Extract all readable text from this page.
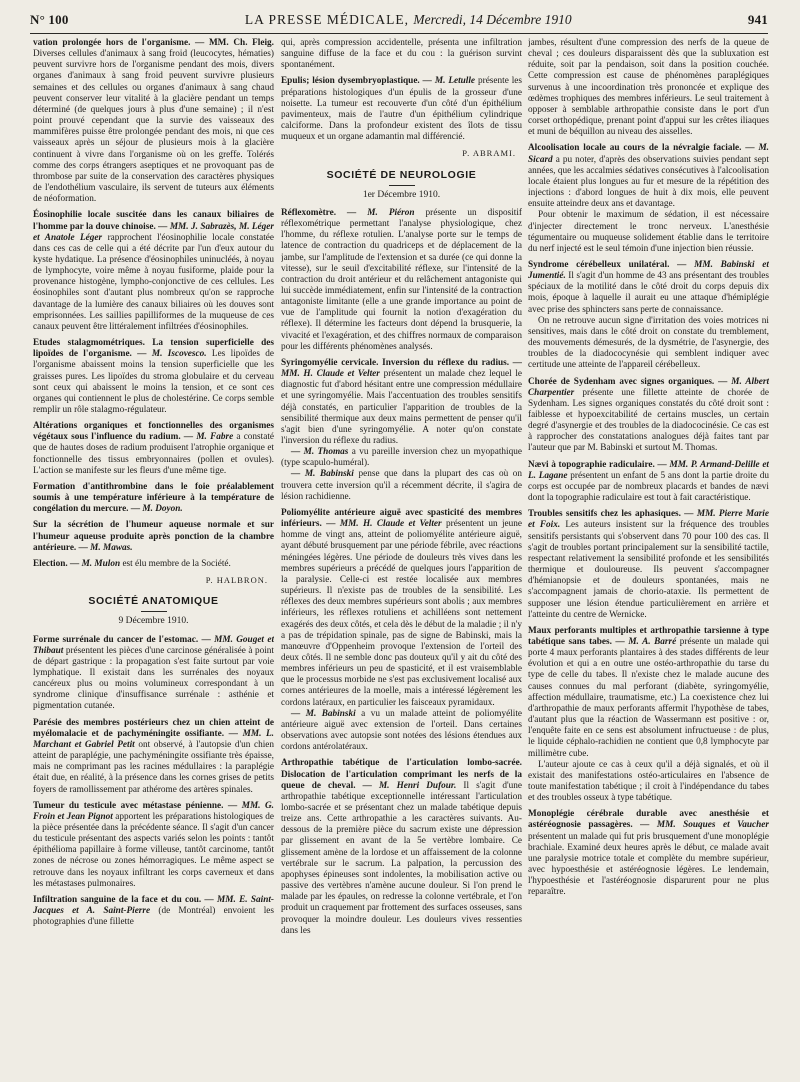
N° 100	LA PRESSE MÉDICALE, Mercredi, 14 Décembre 1910	941

vation prolongée hors de l'organisme. — MM. Ch. Fleig. Diverses cellules d'animaux à sang froid (leucocytes, hématies) peuvent survivre hors de l'organisme pendant des mois, divers organes d'animaux à sang froid peuvent survivre plusieurs semaines et des cellules ou organes d'animaux à sang chaud peuvent conserver leur vitalité à la glacière pendant un temps déterminé (de quelques jours à plus d'une semaine) ; il n'est point prouvé cependant que la survie des vaisseaux des mammifères puisse être prolongée pendant des mois, ni que ces vaisseaux après un séjour de plusieurs mois à la glacière continuent à vivre dans l'organisme où on les greffe. Tolérés comme des corps étrangers aseptiques et ne provoquant pas de thrombose par suite de la conservation des caractères physiques de l'endothélium vasculaire, ils servent de tuteurs aux éléments de néoformation.

Éosinophilie locale suscitée dans les canaux biliaires de l'homme par la douve chinoise. — MM. J. Sabrazès, M. Léger et Anatole Léger rapprochent l'éosinophilie locale constatée dans ces cas de celle qui a été décrite par l'un d'eux autour du kyste hydatique. La présence d'éosinophiles uninucléés, à noyau de lymphocyte, voire même à noyau fusiforme, plaide pour la provenance histogène, lympho-conjonctive de ces cellules. Les éosinophiles sont d'autant plus nombreux qu'on se rapproche davantage de la lumière des canaux biliaires où les douves sont emprisonnées. Les saillies papilliformes de la muqueuse de ces canaux peuvent être littéralement infiltrées d'éosinophiles.

Etudes stalagmométriques. La tension superficielle des lipoïdes de l'organisme. — M. Iscovesco. Les lipoïdes de l'organisme abaissent moins la tension superficielle que les graisses pures. Les lipoïdes du stroma globulaire et du cerveau sont ceux qui abaissent le moins la tension, et ce sont ces organes qui contiennent le plus de cholestérine. Ce corps semble remplir un rôle stalagmo-régulateur.

Altérations organiques et fonctionnelles des organismes végétaux sous l'influence du radium. — M. Fabre a constaté que de hautes doses de radium produisent l'atrophie organique et fonctionnelle des tissus embryonnaires (pollen et ovules). L'action se manifeste sur les fleurs d'une même tige.

Formation d'antithrombine dans le foie préalablement soumis à une température inférieure à la température de congélation du mercure. — M. Doyon.

Sur la sécrétion de l'humeur aqueuse normale et sur l'humeur aqueuse produite après ponction de la chambre antérieure. — M. Mawas.

Election. — M. Mulon est élu membre de la Société.

P. HALBRON.
SOCIÉTÉ ANATOMIQUE
9 Décembre 1910.

Forme surrénale du cancer de l'estomac. — MM. Gouget et Thibaut présentent les pièces d'une carcinose généralisée à point de départ gastrique : la propagation s'est faite surtout par voie lymphatique. Il existait dans les surrénales des noyaux cancéreux plus ou moins volumineux correspondant à un syndrome clinique d'insuffisance surrénale : asthénie et pigmentation cutanée.

Parésie des membres postérieurs chez un chien atteint de myélomalacie et de pachyméningite ossifiante. — MM. L. Marchant et Gabriel Petit ont observé, à l'autopsie d'un chien atteint de paraplégie, une pachyméningite ossifiante très épaisse, mais ne comprimant pas les racines médullaires : la paraplégie était due, en réalité, à la présence dans les cornes grises de petits foyers de ramollissement par athérome des artères spinales.

Tumeur du testicule avec métastase pénienne. — MM. G. Froin et Jean Pignot apportent les préparations histologiques de la pièce présentée dans la précédente séance. Il s'agit d'un cancer du testicule présentant des aspects variés selon les points : tantôt épithélioma papillaire à forme villeuse, tantôt carcinome, tantôt zones de nécrose ou zones hémorragiques. Le même aspect se retrouve dans les noyaux infiltrant les corps caverneux et dans les métastases pulmonaires.

Infiltration sanguine de la face et du cou. — MM. E. Saint-Jacques et A. Saint-Pierre (de Montréal) envoient les photographies d'une fillette

qui, après compression accidentelle, présenta une infiltration sanguine diffuse de la face et du cou : la guérison survint spontanément.

Epulis; lésion dysembryoplastique. — M. Letulle présente les préparations histologiques d'un épulis de la grosseur d'une noisette. La tumeur est recouverte d'un côté d'un épithélium pavimenteux, mais de l'autre d'un épithélium cylindrique calciforme. Dans la profondeur existent des îlots de tissu muqueux et un organe adamantin mal différencié.

P. ABRAMI.
SOCIÉTÉ DE NEUROLOGIE
1er Décembre 1910.

Réflexomètre. — M. Piéron présente un dispositif réflexométrique permettant l'analyse physiologique, chez l'homme, du réflexe rotulien. L'analyse porte sur le temps de latence de contraction du quadriceps et de déplacement de la jambe, sur l'amplitude de l'extension et sa durée (ce qui donne la vitesse), sur le seuil d'excitabilité réflexe, sur l'intensité de la contraction du droit antérieur et du relâchement antagoniste qui lui succède immédiatement, enfin sur l'intensité de la contraction antagoniste limitante (elle a une grande importance au point de vue de l'amplitude qui fournit la notion d'exagération du réflexe). Il détermine les facteurs dont dépend la brusquerie, la vivacité et l'exagération, et des chiffres normaux de comparaison pour les différents phénomènes analysés.

Syringomyélie cervicale. Inversion du réflexe du radius. — MM. H. Claude et Velter présentent un malade chez lequel le diagnostic fut d'abord hésitant entre une compression médullaire et une syringomyélie. Mais l'accentuation des troubles sensitifs déjà constatés, en particulier l'apparition de troubles de la sensibilité thermique aux deux mains permettent de penser qu'il s'agit bien d'une syringomyélie. A noter qu'on constate l'inversion du réflexe du radius.

— M. Thomas a vu pareille inversion chez un myopathique (type scapulo-huméral).

— M. Babinski pense que dans la plupart des cas où on trouvera cette inversion qu'il a récemment décrite, il s'agira de lésion rachidienne.

Poliomyélite antérieure aiguë avec spasticité des membres inférieurs. — MM. H. Claude et Velter présentent un jeune homme de vingt ans, atteint de poliomyélite antérieure aiguë, ayant débuté brusquement par une période fébrile, avec réactions méningées légères. Une période de douleurs très vives dans les membres supérieurs a précédé de quelques jours l'apparition de la paralysie. Celle-ci est restée localisée aux membres supérieurs. Il n'existe pas de troubles de la sensibilité. Les réflexes des deux membres supérieurs sont abolis ; aux membres inférieurs, les réflexes rotuliens et achilléens sont nettement exagérés des deux côtés, et cela dès le début de la maladie ; il n'y a pas de trépidation spinale, pas de signe de Babinski, mais la manœuvre d'Oppenheim provoque l'extension de l'orteil des deux côtés. Il ne semble donc pas douteux qu'il y ait du côté des membres inférieurs un peu de spasticité, et il est vraisemblable que le processus morbide ne s'est pas exclusivement localisé aux cornes antérieures de la moelle, mais a intéressé légèrement les cordons latéraux, en particulier les faisceaux pyramidaux.

— M. Babinski a vu un malade atteint de poliomyélite antérieure aiguë avec extension de l'orteil. Dans certaines observations avec autopsie sont notées des lésions étendues aux cordons antérolatéraux.

Arthropathie tabétique de l'articulation lombo-sacrée. Dislocation de l'articulation comprimant les nerfs de la queue de cheval. — M. Henri Dufour. Il s'agit d'une arthropathie tabétique exceptionnelle intéressant l'articulation lombo-sacrée et se présentant chez un malade tabétique depuis treize ans. Cette arthropathie a les caractères suivants. Au-dessous de la première pièce du sacrum existe une dépression par glissement en avant de la 5e vertèbre lombaire. Ce glissement amène de la lordose et un affaissement de la colonne vertébrale sur le sacrum. La palpation, la percussion des apophyses épineuses sont indolentes, la mobilisation active ou passive des vertèbres n'amène aucune douleur. Si l'on prend le malade par les épaules, on redresse la colonne vertébrale, et l'on produit un craquement par frottement des surfaces osseuses, sans provoquer la moindre douleur. Les douleurs vives ressenties dans les

jambes, résultent d'une compression des nerfs de la queue de cheval ; ces douleurs disparaissent dès que la subluxation est réduite, soit par la pendaison, soit dans la position couchée. Cette compression est cause de phénomènes paraplégiques survenus à une incoordination très prononcée et explique des œdèmes trophiques des membres inférieurs. Le seul traitement à opposer à semblable arthropathie consiste dans le port d'un corset orthopédique, prenant point d'appui sur les crêtes iliaques et muni de béquillon au niveau des aisselles.

Alcoolisation locale au cours de la névralgie faciale. — M. Sicard a pu noter, d'après des observations suivies pendant sept années, que les accalmies sédatives consécutives à l'alcoolisation locale étaient plus longues au fur et mesure de la répétition des injections : d'abord longues de huit à dix mois, elle peuvent ensuite atteindre deux ans et davantage.

Pour obtenir le maximum de sédation, il est nécessaire d'injecter directement le tronc nerveux. L'anesthésie tégumentaire ou muqueuse solidement établie dans le territoire du nerf injecté est le seul témoin d'une injection bien réussie.

Syndrome cérébelleux unilatéral. — MM. Babinski et Jumentié. Il s'agit d'un homme de 43 ans présentant des troubles spéciaux de la motilité dans le côté droit du corps depuis dix mois, époque à laquelle il aurait eu une attaque d'hémiplégie avec prise des sphincters sans perte de connaissance.

On ne retrouve aucun signe d'irritation des voies motrices ni sensitives, mais dans le côté droit on constate du tremblement, des mouvements démesurés, de la dysmétrie, de l'asynergie, des troubles de la diadococynésie qui semblent indiquer avec certitude une atteinte de l'appareil cérébelleux.

Chorée de Sydenham avec signes organiques. — M. Albert Charpentier présente une fillette atteinte de chorée de Sydenham. Les signes organiques constatés du côté droit sont : faiblesse et hypoexcitabilité de certains muscles, un certain degré d'asynergie et des troubles de la diadococinésie. Ce cas est à rapprocher des constatations analogues déjà faites tant par l'auteur que par M. Babinski et surtout M. Thomas.

Nævi à topographie radiculaire. — MM. P. Armand-Delille et L. Lagane présentent un enfant de 5 ans dont la partie droite du corps est occupée par de nombreux placards et bandes de nævi dont la topographie radiculaire est tout à fait caractéristique.

Troubles sensitifs chez les aphasiques. — MM. Pierre Marie et Foix. Les auteurs insistent sur la fréquence des troubles sensitifs persistants qui s'observent dans 70 pour 100 des cas. Il s'agit de troubles portant principalement sur la sensibilité tactile, respectant relativement la sensibilité profonde et les sensibilités thermique et douloureuse. Ils peuvent s'accompagner d'hémianopsie et de douleurs spontanées, mais ne s'accompagnent jamais de chorio-ataxie. Ils permettent de supposer une lésion étendue particulièrement en arrière et l'atteinte du centre de Wernicke.

Maux perforants multiples et arthropathie tarsienne à type tabétique sans tabes. — M. A. Barré présente un malade qui porte 4 maux perforants plantaires à des stades différents de leur évolution et qui a en outre une ostéo-arthropathie du tarse du type de celle du tabes. Il n'existe chez le malade aucune des causes connues du mal perforant (diabète, syringomyélie, affection médullaire, traumatisme, etc.) La coexistence chez lui d'arthropathie de maux perforants affermit l'hypothèse de tabes, d'autant plus que la réaction de Wassermann est positive : or, l'enquête faite en ce sens est absolument infructueuse : de plus, le liquide céphalo-rachidien ne contient que 0,8 lymphocyte par millimètre cube.

L'auteur ajoute ce cas à ceux qu'il a déjà signalés, et où il existait des manifestations ostéo-articulaires en l'absence de toute manifestation tabétique ; il croit à l'indépendance du tabes et des troubles osseux à type tabétique.

Monoplégie cérébrale durable avec anesthésie et astéréognosie passagères. — MM. Souques et Vaucher présentent un malade qui fut pris brusquement d'une monoplégie brachiale. Examiné deux heures après le début, ce malade avait une paralysie motrice totale et complète du membre supérieur, avec hypoesthésie et astéréognosie légères. Le lendemain, l'hypoesthésie et l'astéréognosie disparurent pour ne plus reparaître.
